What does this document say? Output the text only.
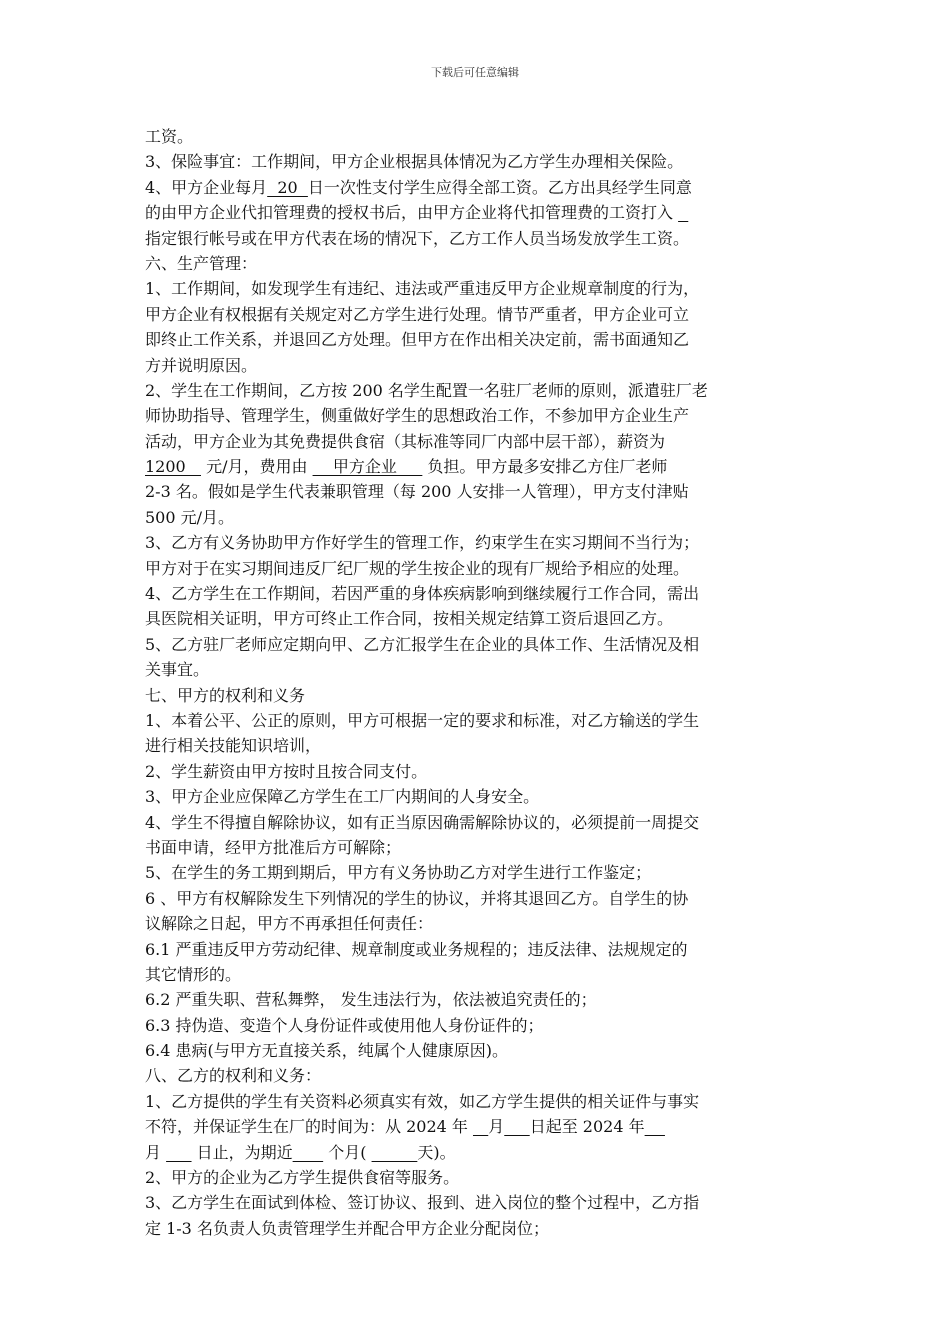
下载后可任意编辑
工资。
3、保险事宜：工作期间，甲方企业根据具体情况为乙方学生办理相关保险。
4、甲方企业每月  20  日一次性支付学生应得全部工资。乙方出具经学生同意
的由甲方企业代扣管理费的授权书后，由甲方企业将代扣管理费的工资打入
指定银行帐号或在甲方代表在场的情况下，乙方工作人员当场发放学生工资。
六、生产管理：
1、工作期间，如发现学生有违纪、违法或严重违反甲方企业规章制度的行为，
甲方企业有权根据有关规定对乙方学生进行处理。情节严重者，甲方企业可立
即终止工作关系，并退回乙方处理。但甲方在作出相关决定前，需书面通知乙
方并说明原因。
2、学生在工作期间，乙方按 200 名学生配置一名驻厂老师的原则，派遣驻厂老
师协助指导、管理学生，侧重做好学生的思想政治工作，不参加甲方企业生产
活动，甲方企业为其免费提供食宿（其标准等同厂内部中层干部），薪资为
1200    元/月，费用由     甲方企业      负担。甲方最多安排乙方住厂老师
2-3 名。假如是学生代表兼职管理（每 200 人安排一人管理），甲方支付津贴
500 元/月。
3、乙方有义务协助甲方作好学生的管理工作，约束学生在实习期间不当行为；
甲方对于在实习期间违反厂纪厂规的学生按企业的现有厂规给予相应的处理。
4、乙方学生在工作期间，若因严重的身体疾病影响到继续履行工作合同，需出
具医院相关证明，甲方可终止工作合同，按相关规定结算工资后退回乙方。
5、乙方驻厂老师应定期向甲、乙方汇报学生在企业的具体工作、生活情况及相
关事宜。
七、甲方的权利和义务
1、本着公平、公正的原则，甲方可根据一定的要求和标准，对乙方输送的学生
进行相关技能知识培训，
2、学生薪资由甲方按时且按合同支付。
3、甲方企业应保障乙方学生在工厂内期间的人身安全。
4、学生不得擅自解除协议，如有正当原因确需解除协议的，必须提前一周提交
书面申请，经甲方批准后方可解除；
5、在学生的务工期到期后，甲方有义务协助乙方对学生进行工作鉴定；
6 、甲方有权解除发生下列情况的学生的协议，并将其退回乙方。自学生的协
议解除之日起，甲方不再承担任何责任：
6.1 严重违反甲方劳动纪律、规章制度或业务规程的；违反法律、法规规定的
其它情形的。
6.2 严重失职、营私舞弊， 发生违法行为，依法被追究责任的；
6.3 持伪造、变造个人身份证件或使用他人身份证件的；
6.4 患病(与甲方无直接关系，纯属个人健康原因)。
八、乙方的权利和义务：
1、乙方提供的学生有关资料必须真实有效，如乙方学生提供的相关证件与事实
不符，并保证学生在厂的时间为：从 2024 年    月 日起至 2024 年
月       日止，为期近       个月(	天)。
2、甲方的企业为乙方学生提供食宿等服务。
3、乙方学生在面试到体检、签订协议、报到、进入岗位的整个过程中，乙方指
定 1-3 名负责人负责管理学生并配合甲方企业分配岗位；
